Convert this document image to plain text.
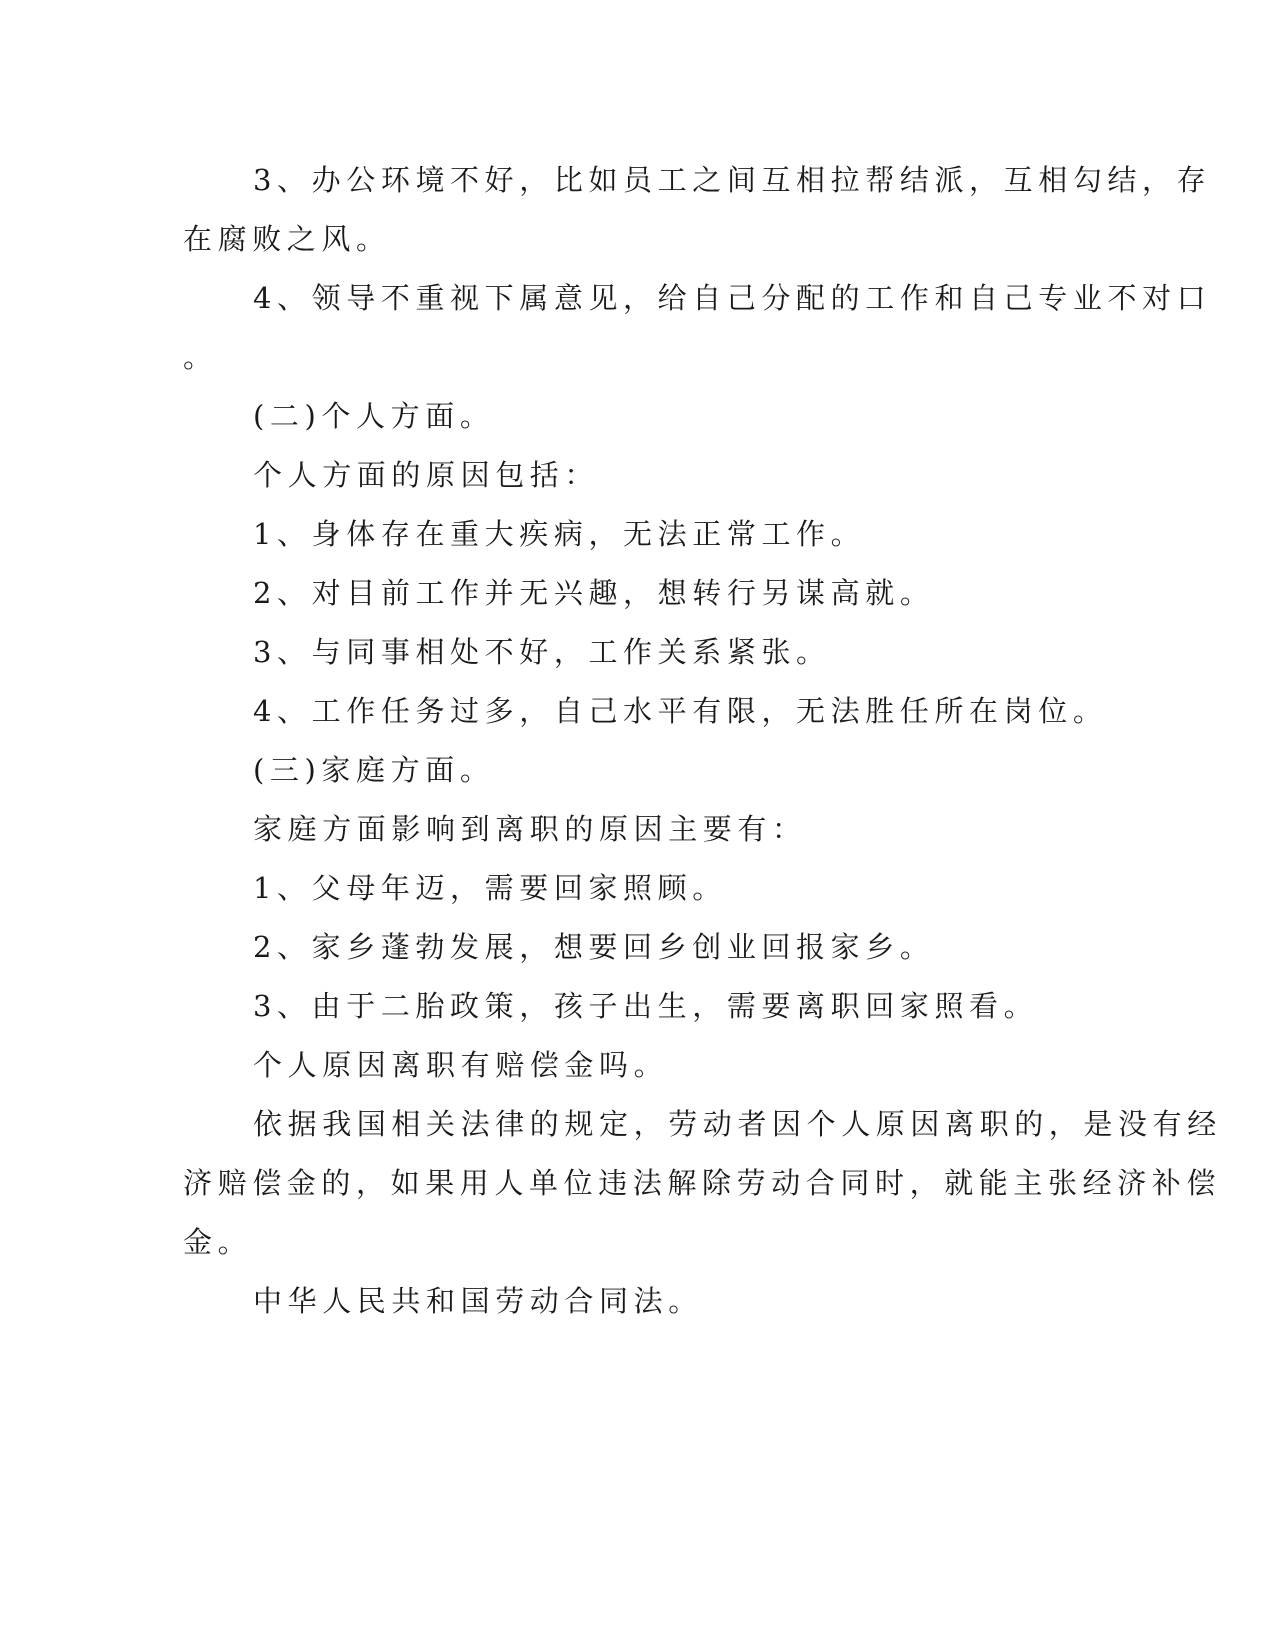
3、办公环境不好，比如员工之间互相拉帮结派，互相勾结，存
在腐败之风。
4、领导不重视下属意见，给自己分配的工作和自己专业不对口
。
(二)个人方面。
个人方面的原因包括：
1、身体存在重大疾病，无法正常工作。
2、对目前工作并无兴趣，想转行另谋高就。
3、与同事相处不好，工作关系紧张。
4、工作任务过多，自己水平有限，无法胜任所在岗位。
(三)家庭方面。
家庭方面影响到离职的原因主要有：
1、父母年迈，需要回家照顾。
2、家乡蓬勃发展，想要回乡创业回报家乡。
3、由于二胎政策，孩子出生，需要离职回家照看。
个人原因离职有赔偿金吗。
依据我国相关法律的规定，劳动者因个人原因离职的，是没有经
济赔偿金的，如果用人单位违法解除劳动合同时，就能主张经济补偿
金。
中华人民共和国劳动合同法。
